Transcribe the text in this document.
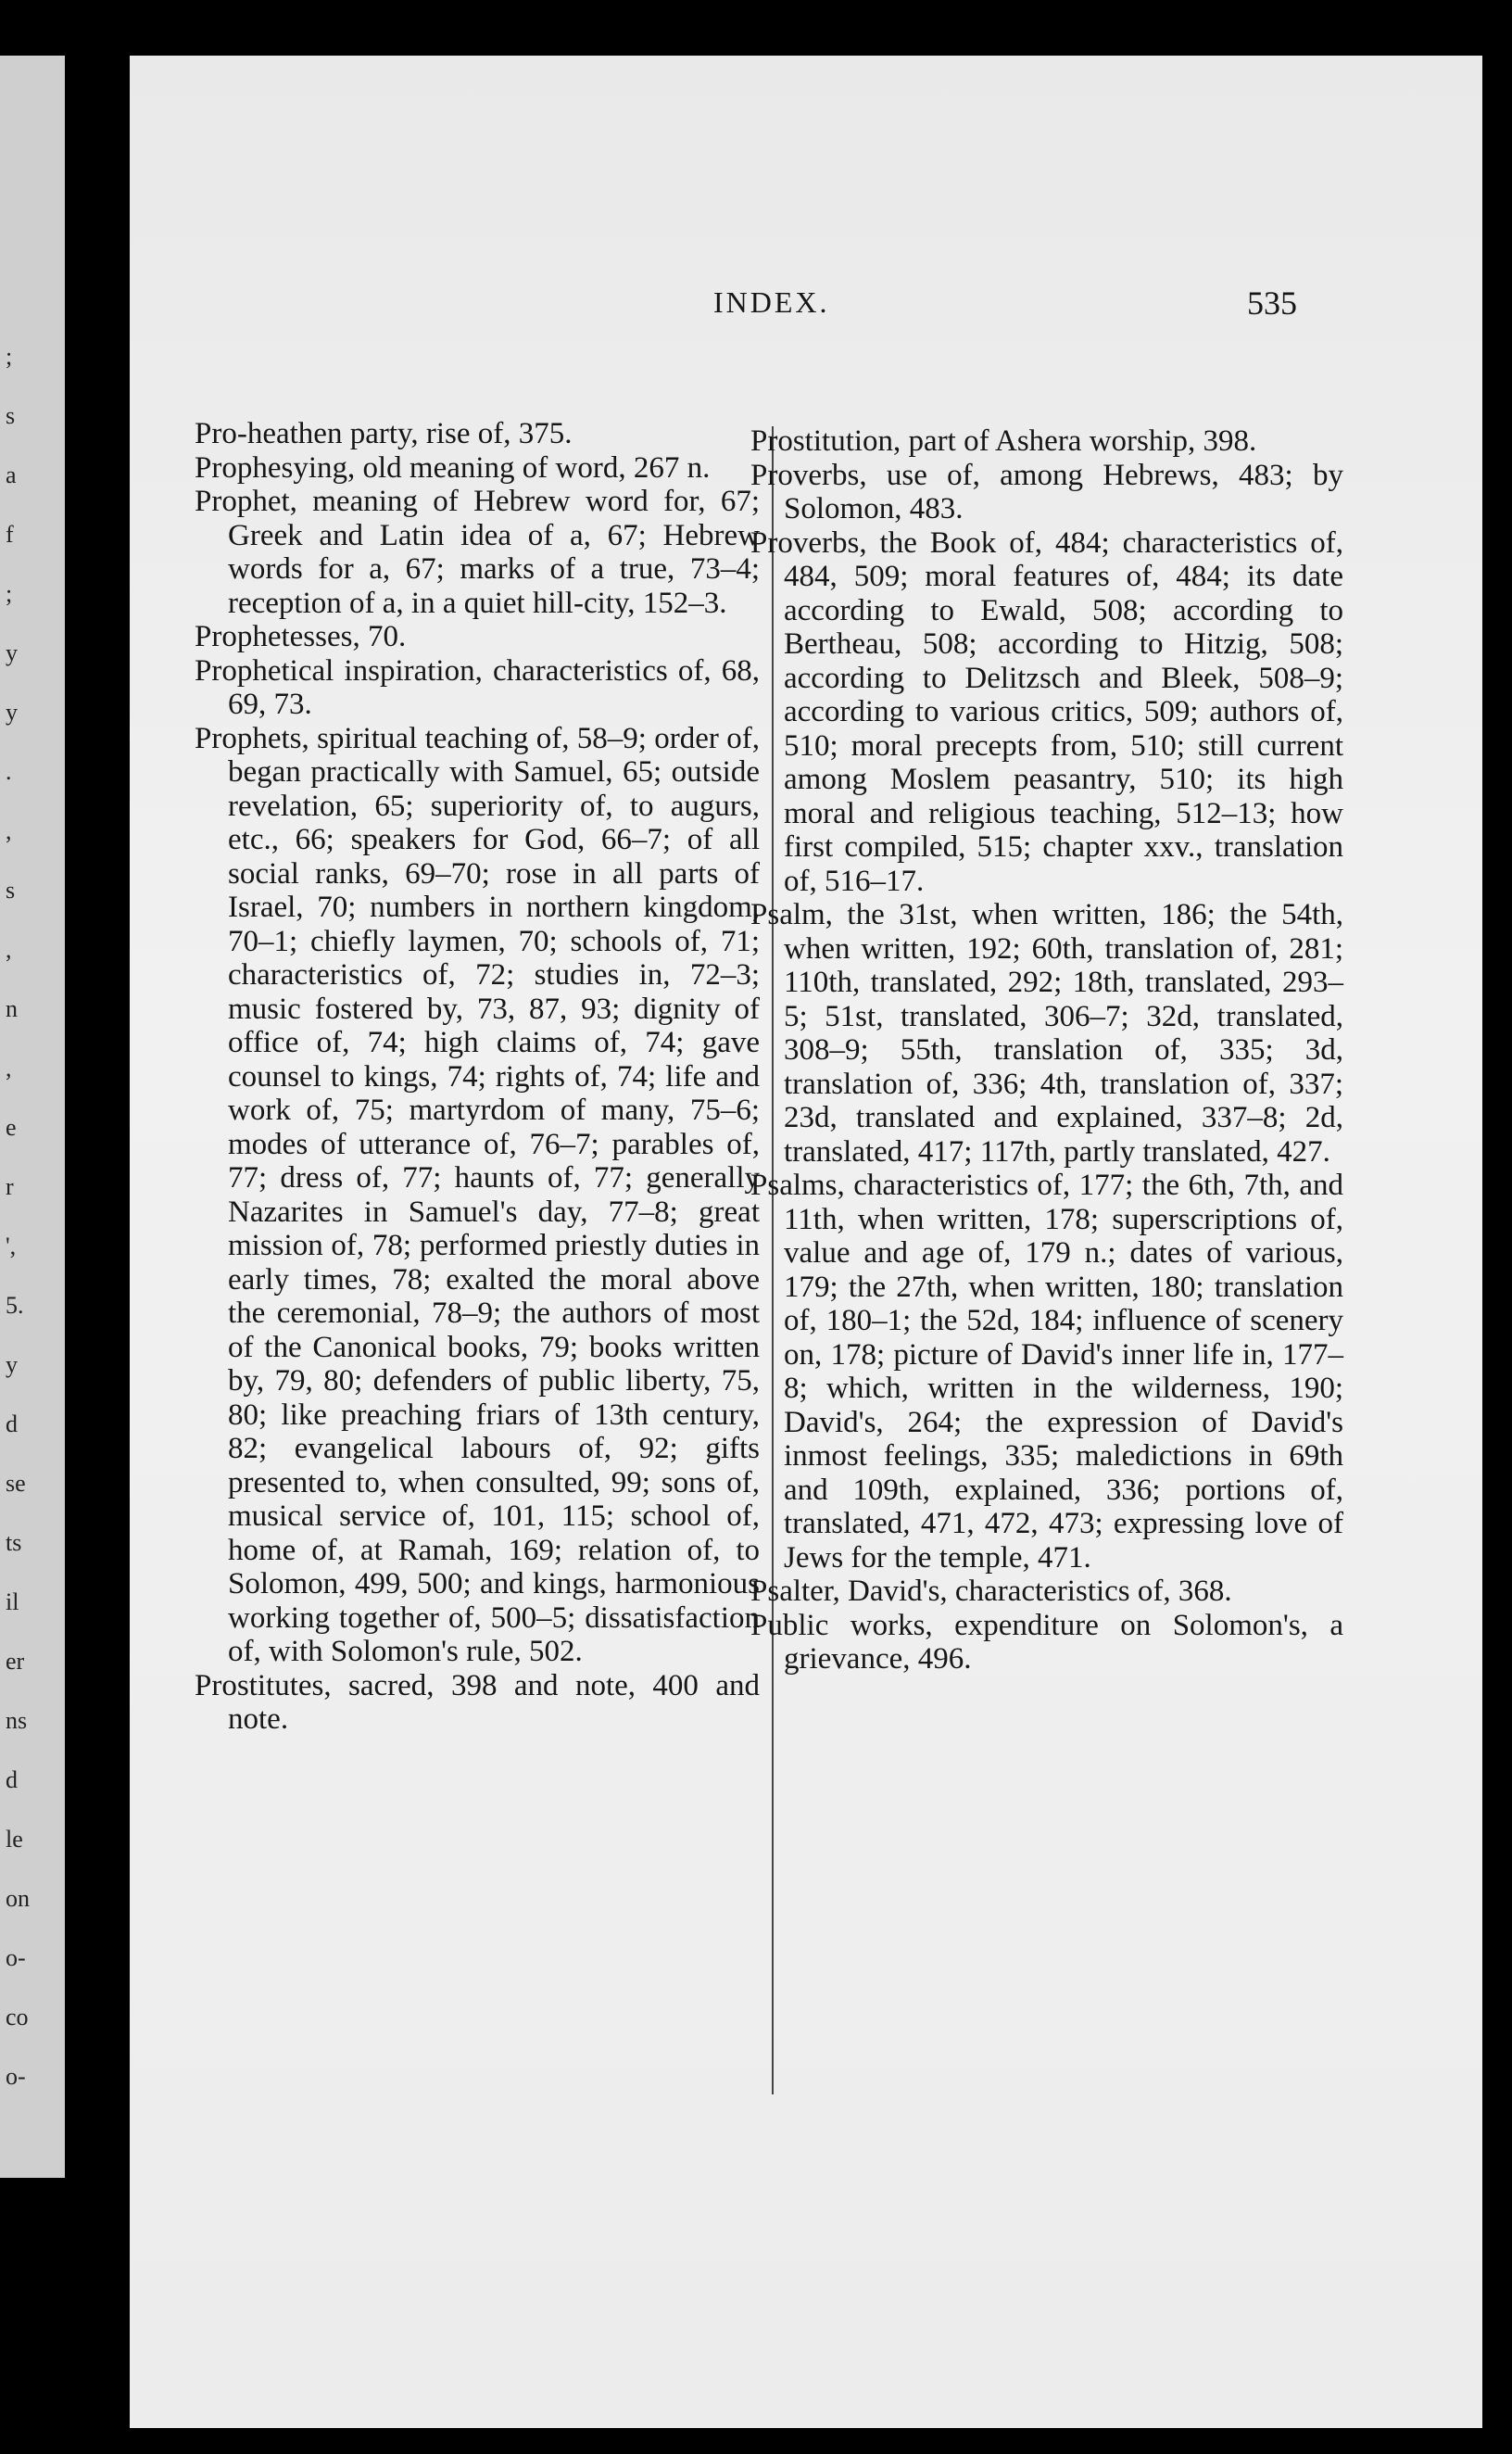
;
s
a
f
;
y
y
.
,
s
,
n
,
e
r
',
5.
y
d
se
ts
il
er
ns
d
le
on
o-
co
o-
INDEX.	535

Pro-heathen party, rise of, 375.

Prophesying, old meaning of word, 267 n.

Prophet, meaning of Hebrew word for, 67; Greek and Latin idea of a, 67; Hebrew words for a, 67; marks of a true, 73–4; reception of a, in a quiet hill-city, 152–3.

Prophetesses, 70.

Prophetical inspiration, characteristics of, 68, 69, 73.

Prophets, spiritual teaching of, 58–9; order of, began practically with Samuel, 65; outside revelation, 65; superiority of, to augurs, etc., 66; speakers for God, 66–7; of all social ranks, 69–70; rose in all parts of Israel, 70; numbers in northern kingdom, 70–1; chiefly laymen, 70; schools of, 71; characteristics of, 72; studies in, 72–3; music fostered by, 73, 87, 93; dignity of office of, 74; high claims of, 74; gave counsel to kings, 74; rights of, 74; life and work of, 75; martyrdom of many, 75–6; modes of utterance of, 76–7; parables of, 77; dress of, 77; haunts of, 77; generally Nazarites in Samuel's day, 77–8; great mission of, 78; performed priestly duties in early times, 78; exalted the moral above the ceremonial, 78–9; the authors of most of the Canonical books, 79; books written by, 79, 80; defenders of public liberty, 75, 80; like preaching friars of 13th century, 82; evangelical labours of, 92; gifts presented to, when consulted, 99; sons of, musical service of, 101, 115; school of, home of, at Ramah, 169; relation of, to Solomon, 499, 500; and kings, harmonious working together of, 500–5; dissatisfaction of, with Solomon's rule, 502.

Prostitutes, sacred, 398 and note, 400 and note.

Prostitution, part of Ashera worship, 398.

Proverbs, use of, among Hebrews, 483; by Solomon, 483.

Proverbs, the Book of, 484; characteristics of, 484, 509; moral features of, 484; its date according to Ewald, 508; according to Bertheau, 508; according to Hitzig, 508; according to Delitzsch and Bleek, 508–9; according to various critics, 509; authors of, 510; moral precepts from, 510; still current among Moslem peasantry, 510; its high moral and religious teaching, 512–13; how first compiled, 515; chapter xxv., translation of, 516–17.

Psalm, the 31st, when written, 186; the 54th, when written, 192; 60th, translation of, 281; 110th, translated, 292; 18th, translated, 293–5; 51st, translated, 306–7; 32d, translated, 308–9; 55th, translation of, 335; 3d, translation of, 336; 4th, translation of, 337; 23d, translated and explained, 337–8; 2d, translated, 417; 117th, partly translated, 427.

Psalms, characteristics of, 177; the 6th, 7th, and 11th, when written, 178; superscriptions of, value and age of, 179 n.; dates of various, 179; the 27th, when written, 180; translation of, 180–1; the 52d, 184; influence of scenery on, 178; picture of David's inner life in, 177–8; which, written in the wilderness, 190; David's, 264; the expression of David's inmost feelings, 335; maledictions in 69th and 109th, explained, 336; portions of, translated, 471, 472, 473; expressing love of Jews for the temple, 471.

Psalter, David's, characteristics of, 368.

Public works, expenditure on Solomon's, a grievance, 496.
